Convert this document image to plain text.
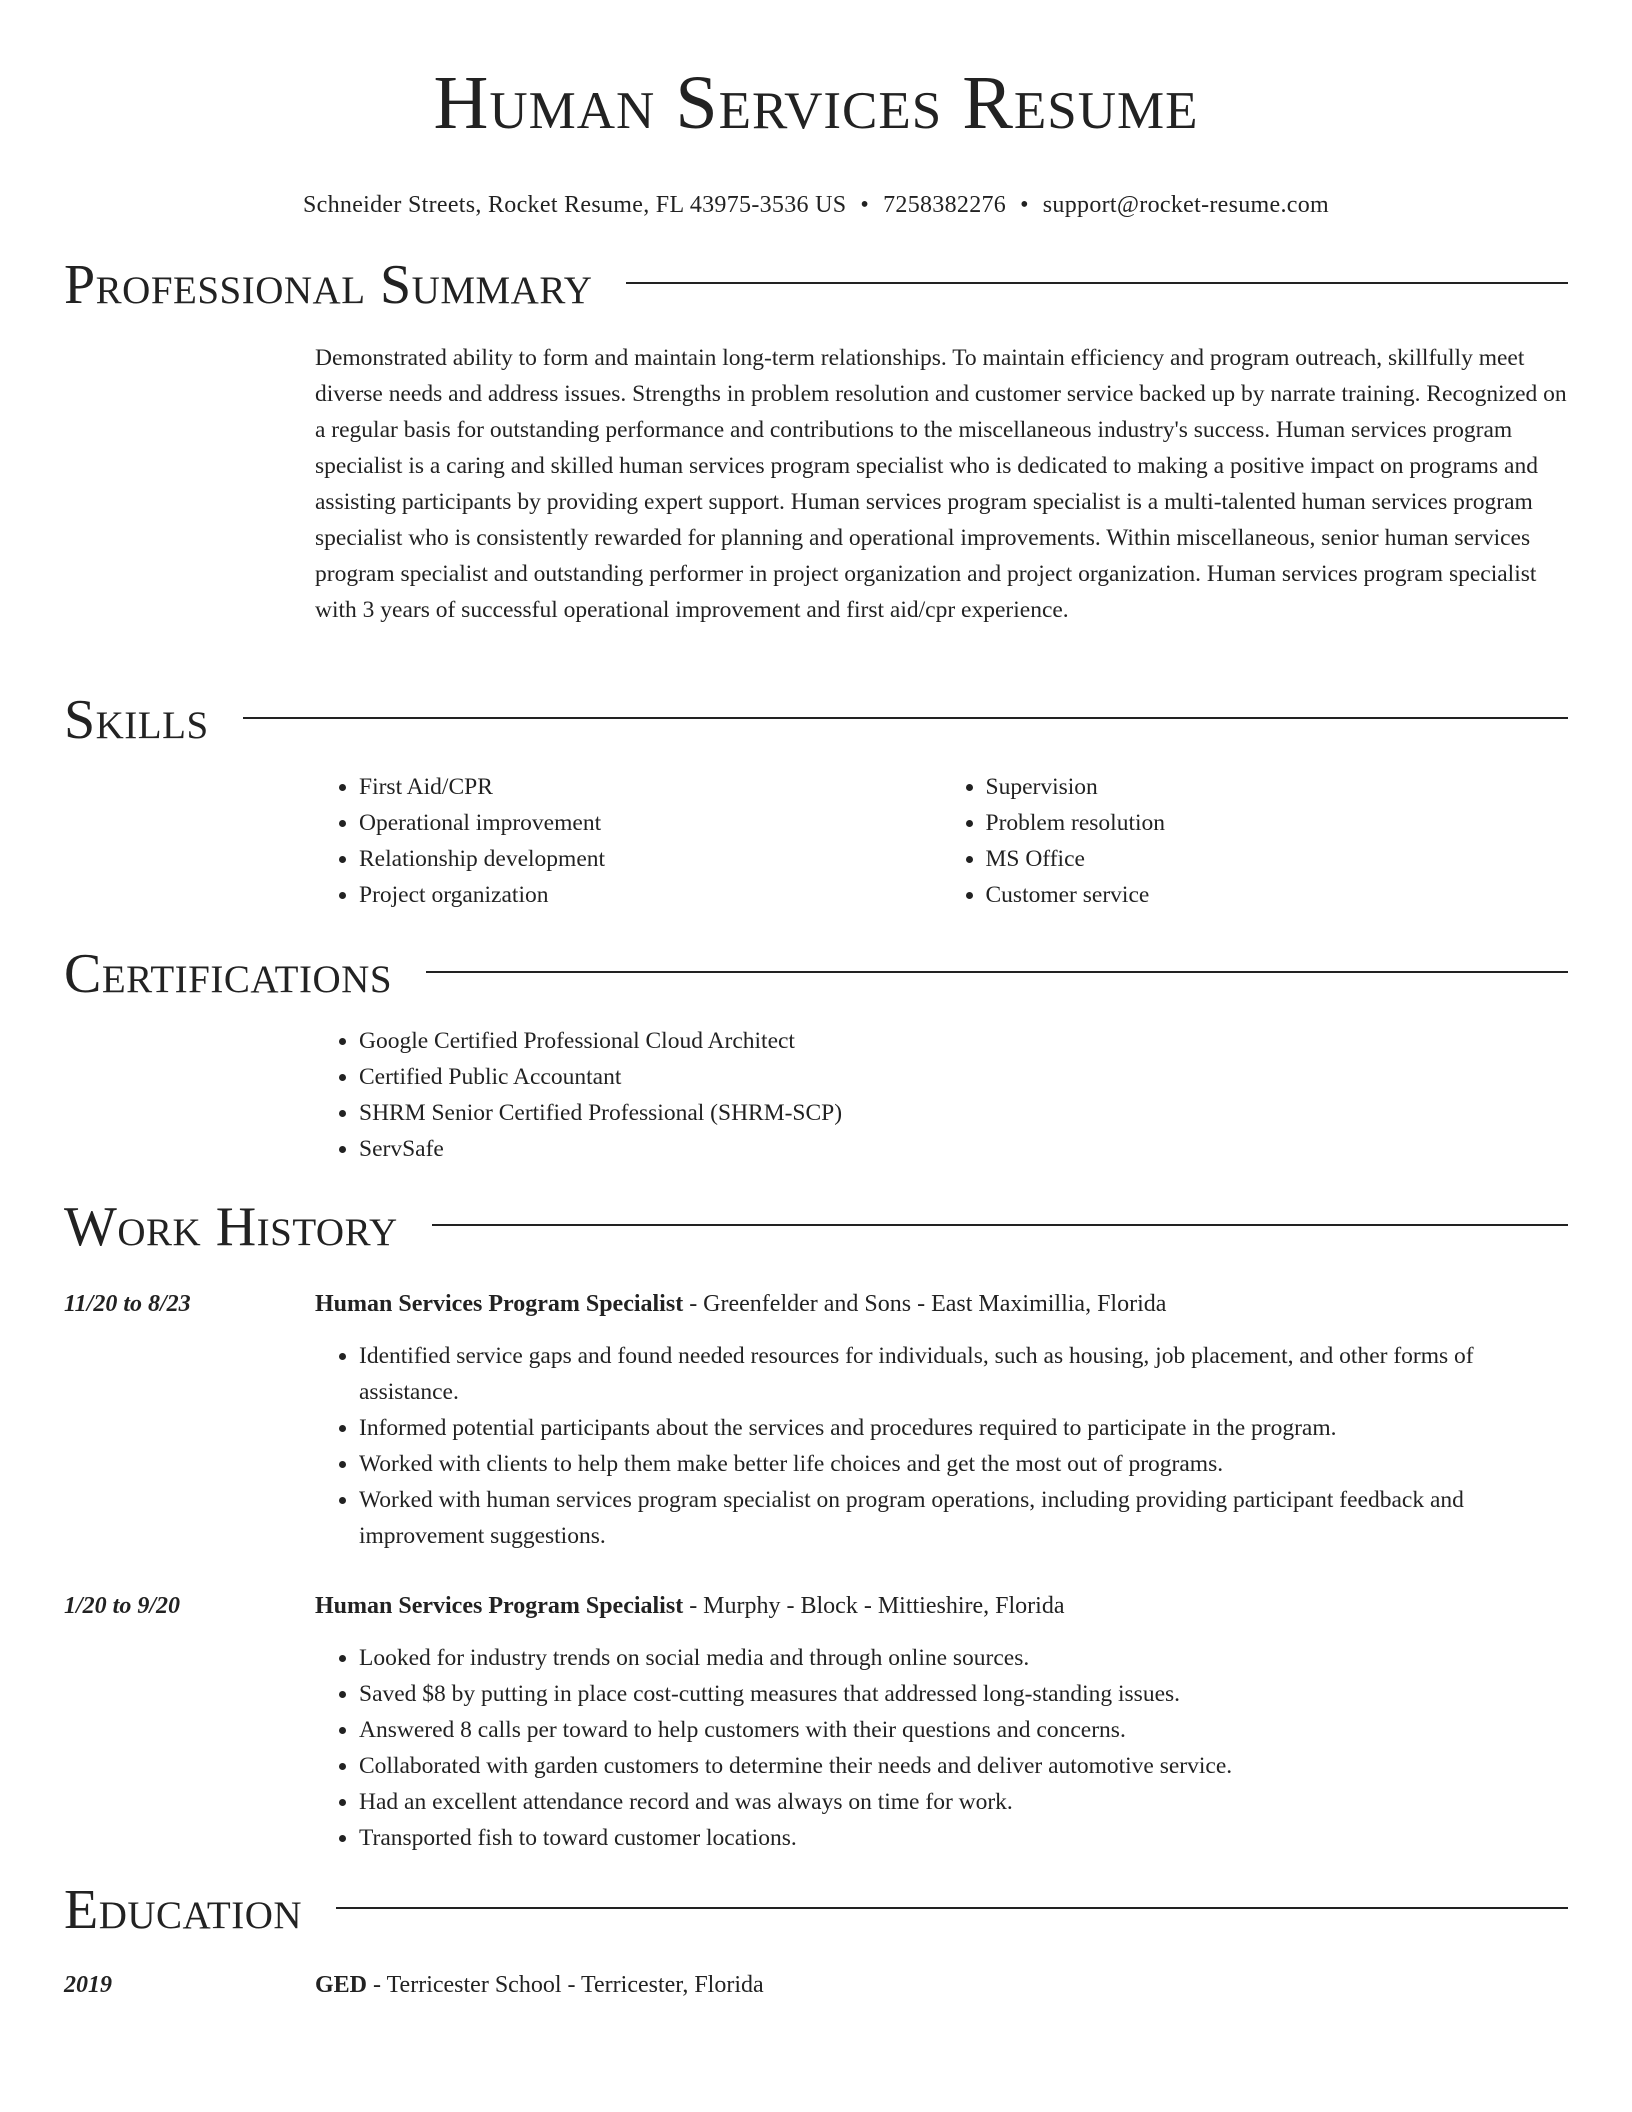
Human Services Resume
Schneider Streets, Rocket Resume, FL 43975-3536 US • 7258382276 • support@rocket-resume.com
Professional Summary

Demonstrated ability to form and maintain long-term relationships. To maintain efficiency and program outreach, skillfully meet diverse needs and address issues. Strengths in problem resolution and customer service backed up by narrate training. Recognized on a regular basis for outstanding performance and contributions to the miscellaneous industry's success. Human services program specialist is a caring and skilled human services program specialist who is dedicated to making a positive impact on programs and assisting participants by providing expert support. Human services program specialist is a multi-talented human services program specialist who is consistently rewarded for planning and operational improvements. Within miscellaneous, senior human services program specialist and outstanding performer in project organization and project organization. Human services program specialist with 3 years of successful operational improvement and first aid/cpr experience.

Skills
• First Aid/CPR
• Operational improvement
• Relationship development
• Project organization
• Supervision
• Problem resolution
• MS Office
• Customer service
Certifications
• Google Certified Professional Cloud Architect
• Certified Public Accountant
• SHRM Senior Certified Professional (SHRM-SCP)
• ServSafe
Work History
11/20 to 8/23	Human Services Program Specialist - Greenfelder and Sons - East Maximillia, Florida
• Identified service gaps and found needed resources for individuals, such as housing, job placement, and other forms of assistance.
• Informed potential participants about the services and procedures required to participate in the program.
• Worked with clients to help them make better life choices and get the most out of programs.
• Worked with human services program specialist on program operations, including providing participant feedback and improvement suggestions.
1/20 to 9/20	Human Services Program Specialist - Murphy - Block - Mittieshire, Florida
• Looked for industry trends on social media and through online sources.
• Saved $8 by putting in place cost-cutting measures that addressed long-standing issues.
• Answered 8 calls per toward to help customers with their questions and concerns.
• Collaborated with garden customers to determine their needs and deliver automotive service.
• Had an excellent attendance record and was always on time for work.
• Transported fish to toward customer locations.
Education
2019	GED - Terricester School - Terricester, Florida
